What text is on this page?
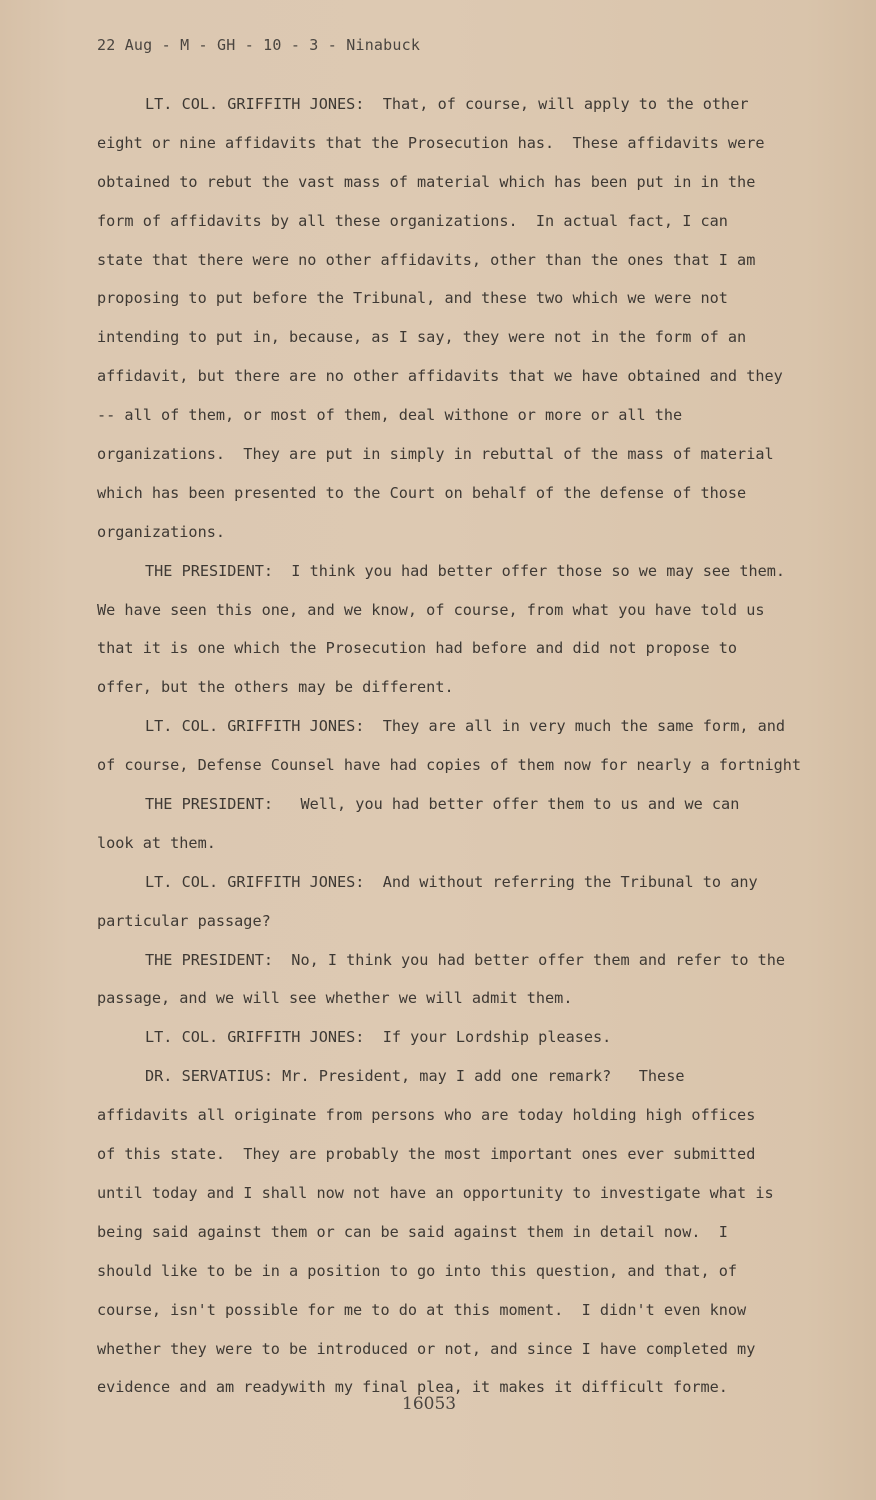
22 Aug - M - GH - 10 - 3 - Ninabuck
LT. COL. GRIFFITH JONES:  That, of course, will apply to the other
eight or nine affidavits that the Prosecution has.  These affidavits were
obtained to rebut the vast mass of material which has been put in in the
form of affidavits by all these organizations.  In actual fact, I can
state that there were no other affidavits, other than the ones that I am
proposing to put before the Tribunal, and these two which we were not
intending to put in, because, as I say, they were not in the form of an
affidavit, but there are no other affidavits that we have obtained and they
-- all of them, or most of them, deal withone or more or all the
organizations.  They are put in simply in rebuttal of the mass of material
which has been presented to the Court on behalf of the defense of those
organizations.
THE PRESIDENT:  I think you had better offer those so we may see them.
We have seen this one, and we know, of course, from what you have told us
that it is one which the Prosecution had before and did not propose to
offer, but the others may be different.
LT. COL. GRIFFITH JONES:  They are all in very much the same form, and
of course, Defense Counsel have had copies of them now for nearly a fortnight
THE PRESIDENT:   Well, you had better offer them to us and we can
look at them.
LT. COL. GRIFFITH JONES:  And without referring the Tribunal to any
particular passage?
THE PRESIDENT:  No, I think you had better offer them and refer to the
passage, and we will see whether we will admit them.
LT. COL. GRIFFITH JONES:  If your Lordship pleases.
DR. SERVATIUS: Mr. President, may I add one remark?   These
affidavits all originate from persons who are today holding high offices
of this state.  They are probably the most important ones ever submitted
until today and I shall now not have an opportunity to investigate what is
being said against them or can be said against them in detail now.  I
should like to be in a position to go into this question, and that, of
course, isn't possible for me to do at this moment.  I didn't even know
whether they were to be introduced or not, and since I have completed my
evidence and am readywith my final plea, it makes it difficult forme.
16053
